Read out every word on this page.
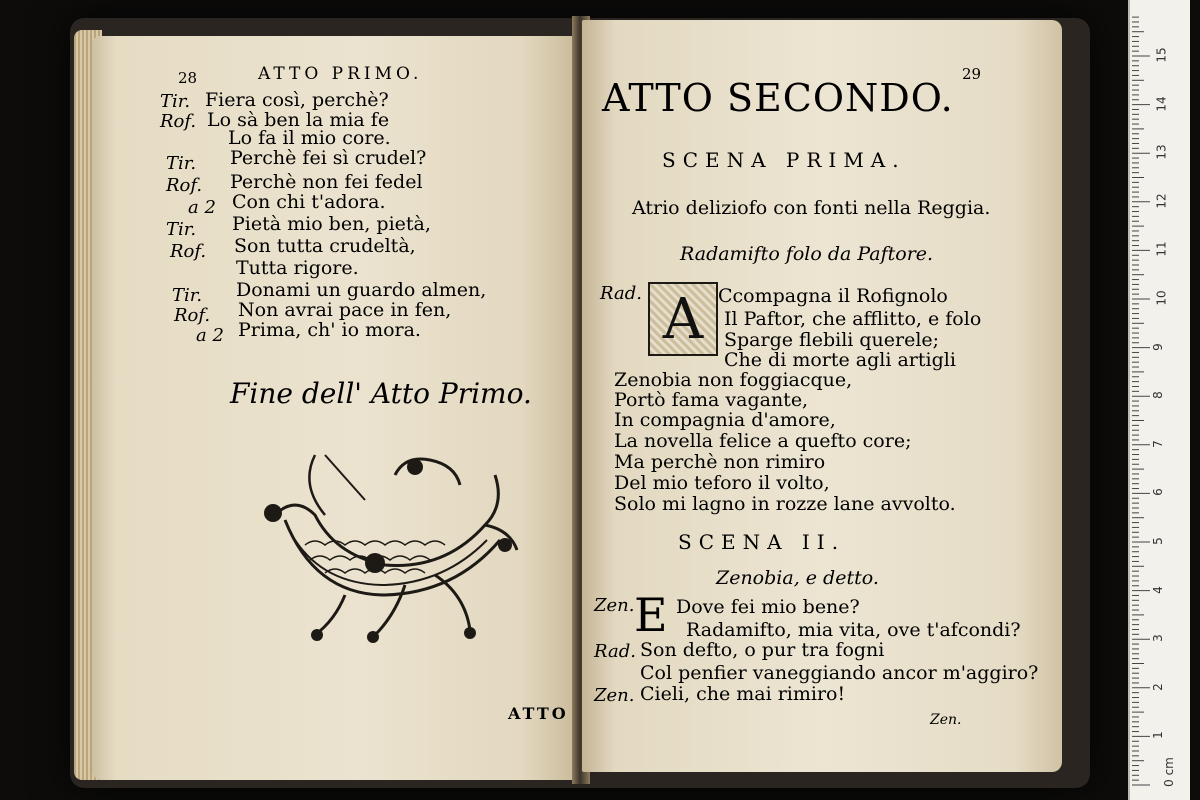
28	ATTO PRIMO.
Tir. Fiera così, perchè?
Rof. Lo sà ben la mia fe
Lo fa il mio core.
Tir. Perchè fei sì crudel?
Rof. Perchè non fei fedel
a 2 Con chi t'adora.
Tir. Pietà mio ben, pietà,
Rof. Son tutta crudeltà,
Tutta rigore.
Tir. Donami un guardo almen,
Rof. Non avrai pace in fen,
a 2 Prima, ch' io mora.
Fine dell' Atto Primo.
ATTO
29
ATTO SECONDO.
SCENA PRIMA.
Atrio deliziofo con fonti nella Reggia.
Radamifto folo da Paftore.
Rad. A Ccompagna il Rofignolo
Il Paftor, che afflitto, e folo
Sparge flebili querele;
Che di morte agli artigli
Zenobia non foggiacque,
Portò fama vagante,
In compagnia d'amore,
La novella felice a quefto core;
Ma perchè non rimiro
Del mio teforo il volto,
Solo mi lagno in rozze lane avvolto.
SCENA II.
Zenobia, e detto.
Zen. E Dove fei mio bene?
Radamifto, mia vita, ove t'afcondi?
Rad. Son defto, o pur tra fogni
Col penfier vaneggiando ancor m'aggiro?
Zen. Cieli, che mai rimiro!
Zen.
0 cm
1
2
3
4
5
6
7
8
9
10
11
12
13
14
15
